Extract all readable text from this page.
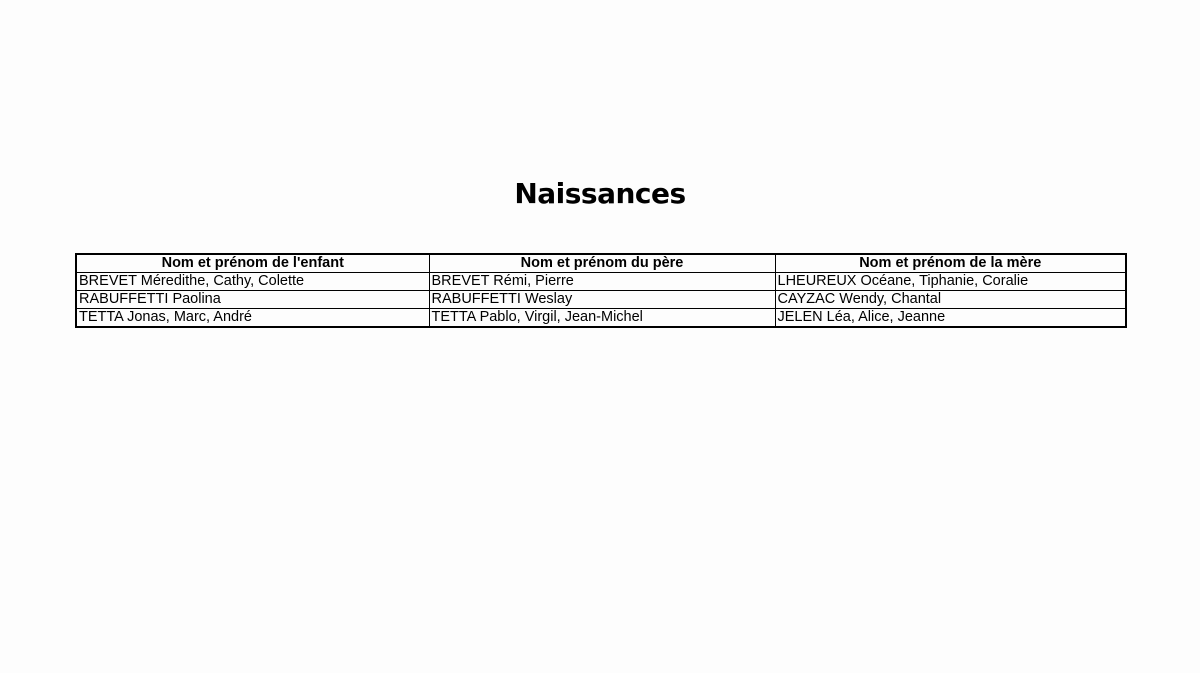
Naissances
Nom et prénom de l'enfant	Nom et prénom du père	Nom et prénom de la mère
BREVET Méredithe, Cathy, Colette	BREVET Rémi, Pierre	LHEUREUX Océane, Tiphanie, Coralie
RABUFFETTI Paolina	RABUFFETTI Weslay	CAYZAC Wendy, Chantal
TETTA Jonas, Marc, André	TETTA Pablo, Virgil, Jean-Michel	JELEN Léa, Alice, Jeanne
